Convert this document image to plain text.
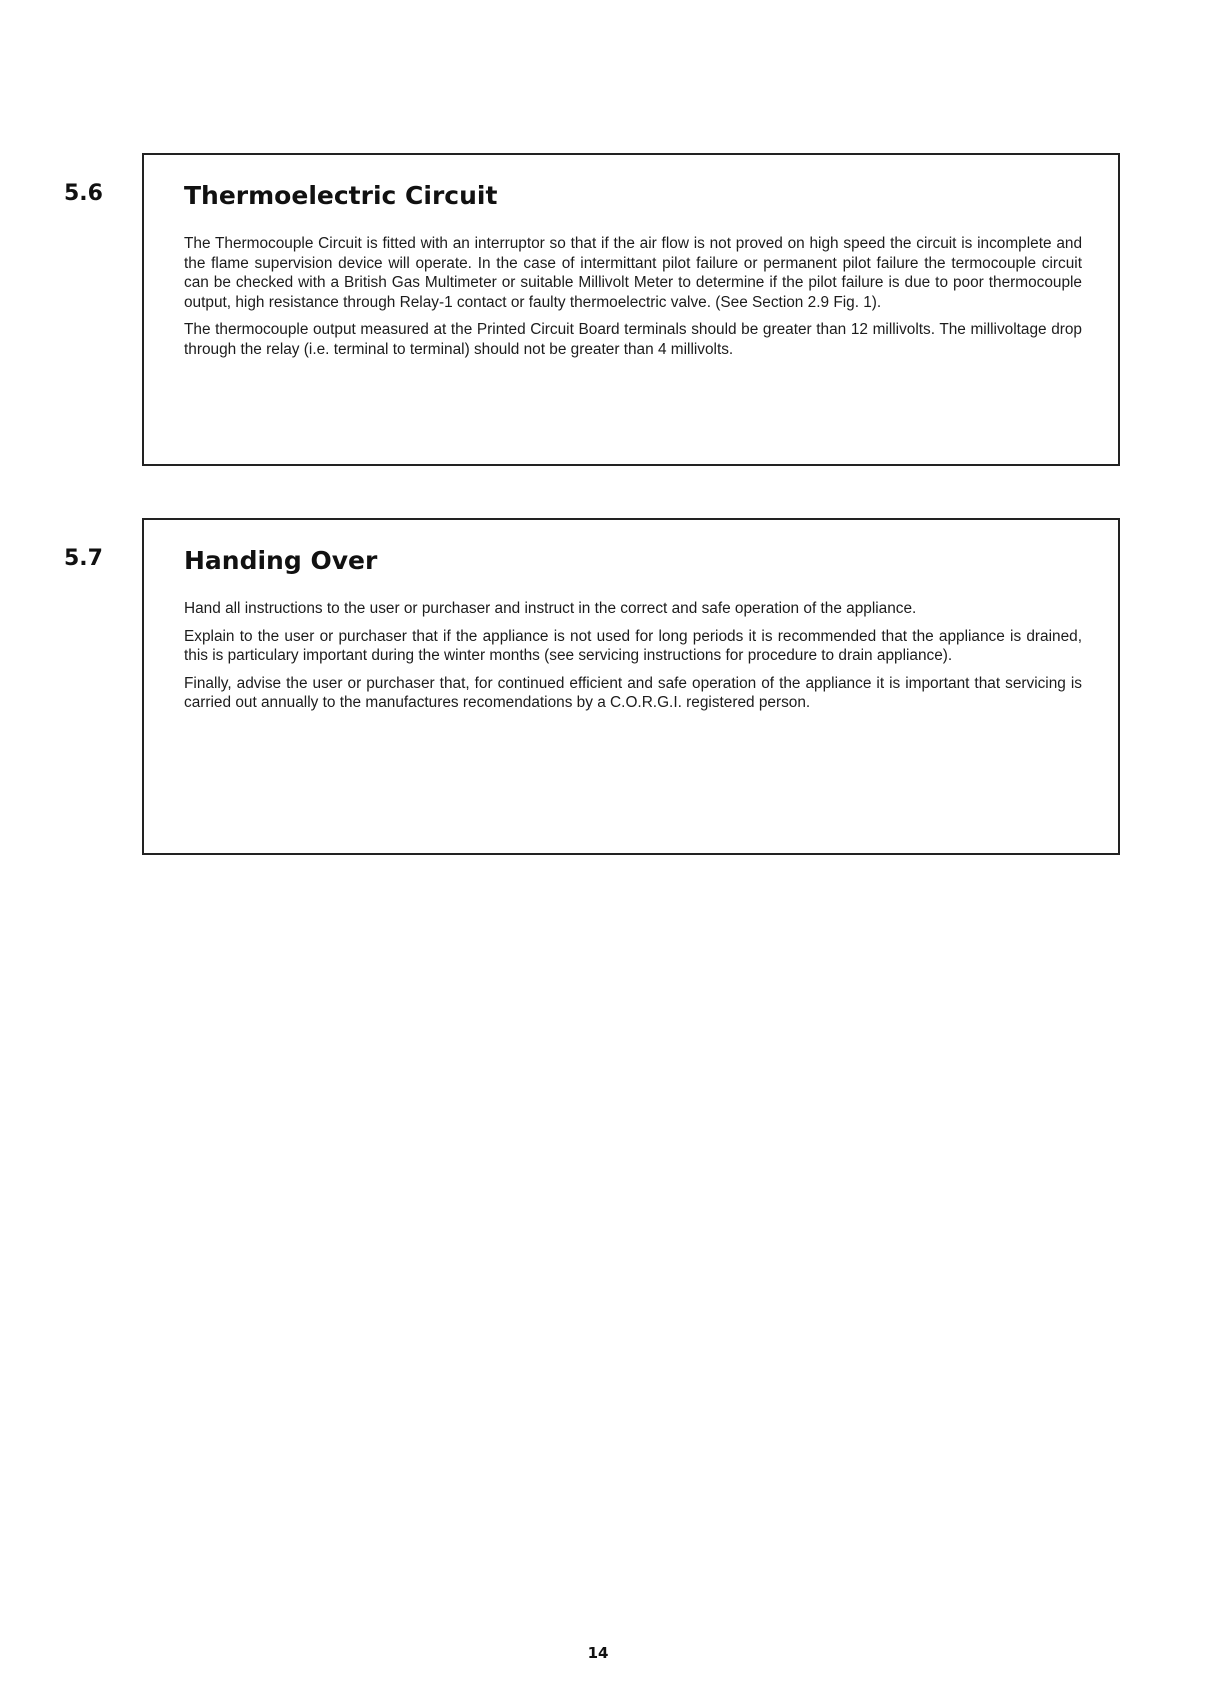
5.6	Thermoelectric Circuit

The Thermocouple Circuit is fitted with an interruptor so that if the air flow is not proved on high speed the circuit is incomplete and the flame supervision device will operate. In the case of intermittant pilot failure or permanent pilot failure the termocouple circuit can be checked with a British Gas Multimeter or suitable Millivolt Meter to determine if the pilot failure is due to poor thermocouple output, high resistance through Relay-1 contact or faulty thermoelectric valve. (See Section 2.9 Fig. 1).

The thermocouple output measured at the Printed Circuit Board terminals should be greater than 12 millivolts. The millivoltage drop through the relay (i.e. terminal to terminal) should not be greater than 4 millivolts.

5.7	Handing Over

Hand all instructions to the user or purchaser and instruct in the correct and safe operation of the appliance.

Explain to the user or purchaser that if the appliance is not used for long periods it is recommended that the appliance is drained, this is particulary important during the winter months (see servicing instructions for procedure to drain appliance).

Finally, advise the user or purchaser that, for continued efficient and safe operation of the appliance it is important that servicing is carried out annually to the manufactures recomendations by a C.O.R.G.I. registered person.

14
